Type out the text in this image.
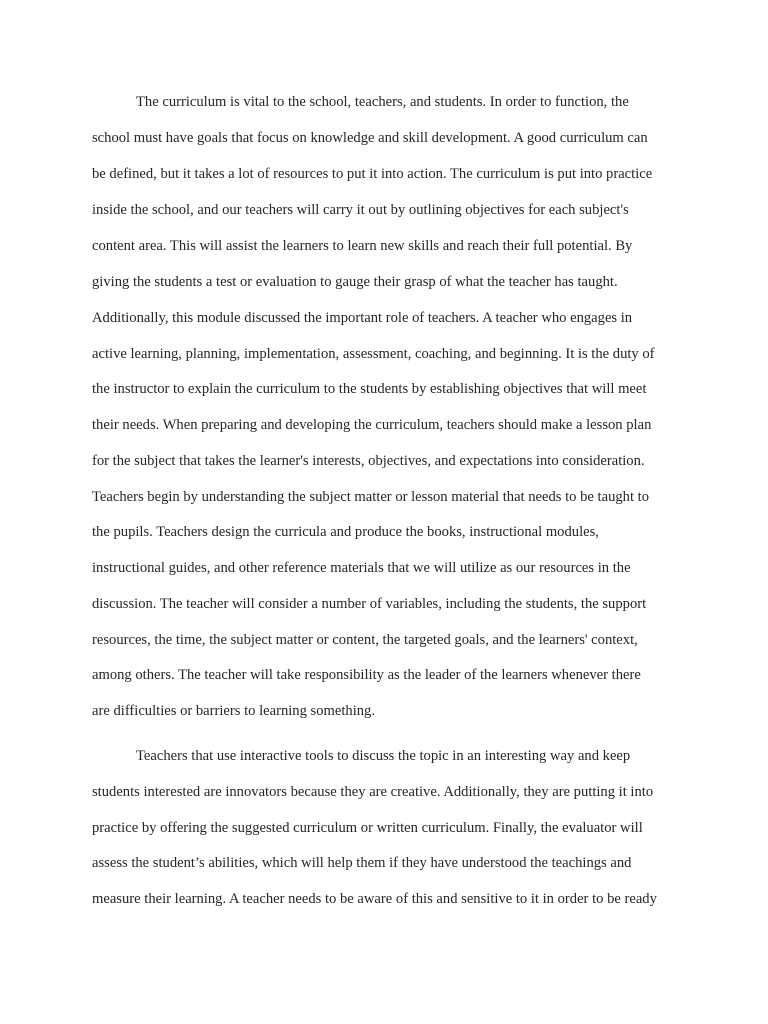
The curriculum is vital to the school, teachers, and students. In order to function, the

school must have goals that focus on knowledge and skill development. A good curriculum can

be defined, but it takes a lot of resources to put it into action. The curriculum is put into practice

inside the school, and our teachers will carry it out by outlining objectives for each subject's

content area. This will assist the learners to learn new skills and reach their full potential. By

giving the students a test or evaluation to gauge their grasp of what the teacher has taught.

Additionally, this module discussed the important role of teachers. A teacher who engages in

active learning, planning, implementation, assessment, coaching, and beginning. It is the duty of

the instructor to explain the curriculum to the students by establishing objectives that will meet

their needs. When preparing and developing the curriculum, teachers should make a lesson plan

for the subject that takes the learner's interests, objectives, and expectations into consideration.

Teachers begin by understanding the subject matter or lesson material that needs to be taught to

the pupils. Teachers design the curricula and produce the books, instructional modules,

instructional guides, and other reference materials that we will utilize as our resources in the

discussion. The teacher will consider a number of variables, including the students, the support

resources, the time, the subject matter or content, the targeted goals, and the learners' context,

among others. The teacher will take responsibility as the leader of the learners whenever there

are difficulties or barriers to learning something.

Teachers that use interactive tools to discuss the topic in an interesting way and keep

students interested are innovators because they are creative. Additionally, they are putting it into

practice by offering the suggested curriculum or written curriculum. Finally, the evaluator will

assess the student’s abilities, which will help them if they have understood the teachings and

measure their learning. A teacher needs to be aware of this and sensitive to it in order to be ready
